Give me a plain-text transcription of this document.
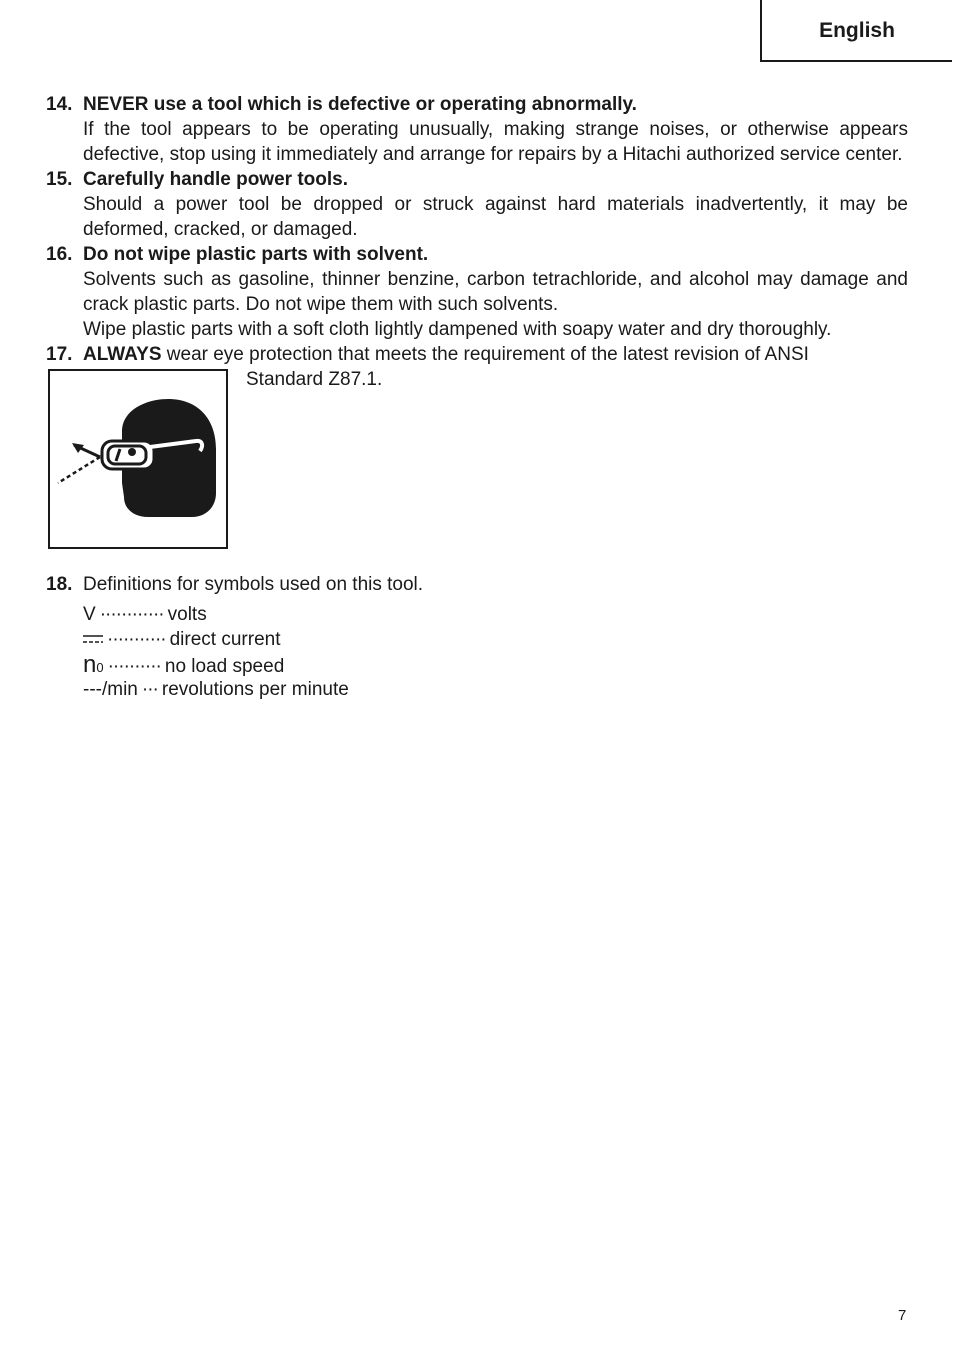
English
14. NEVER use a tool which is defective or operating abnormally.
If the tool appears to be operating unusually, making strange noises, or otherwise appears defective, stop using it immediately and arrange for repairs by a Hitachi authorized service center.
15. Carefully handle power tools.
Should a power tool be dropped or struck against hard materials inadvertently, it may be deformed, cracked, or damaged.
16. Do not wipe plastic parts with solvent.
Solvents such as gasoline, thinner benzine, carbon tetrachloride, and alcohol may damage and crack plastic parts. Do not wipe them with such solvents.
Wipe plastic parts with a soft cloth lightly dampened with soapy water and dry thoroughly.
17. ALWAYS wear eye protection that meets the requirement of the latest revision of ANSI
Standard Z87.1.
18. Definitions for symbols used on this tool.
V ············ volts
··········· direct current
n0 ·········· no load speed
---/min ··· revolutions per minute
7
